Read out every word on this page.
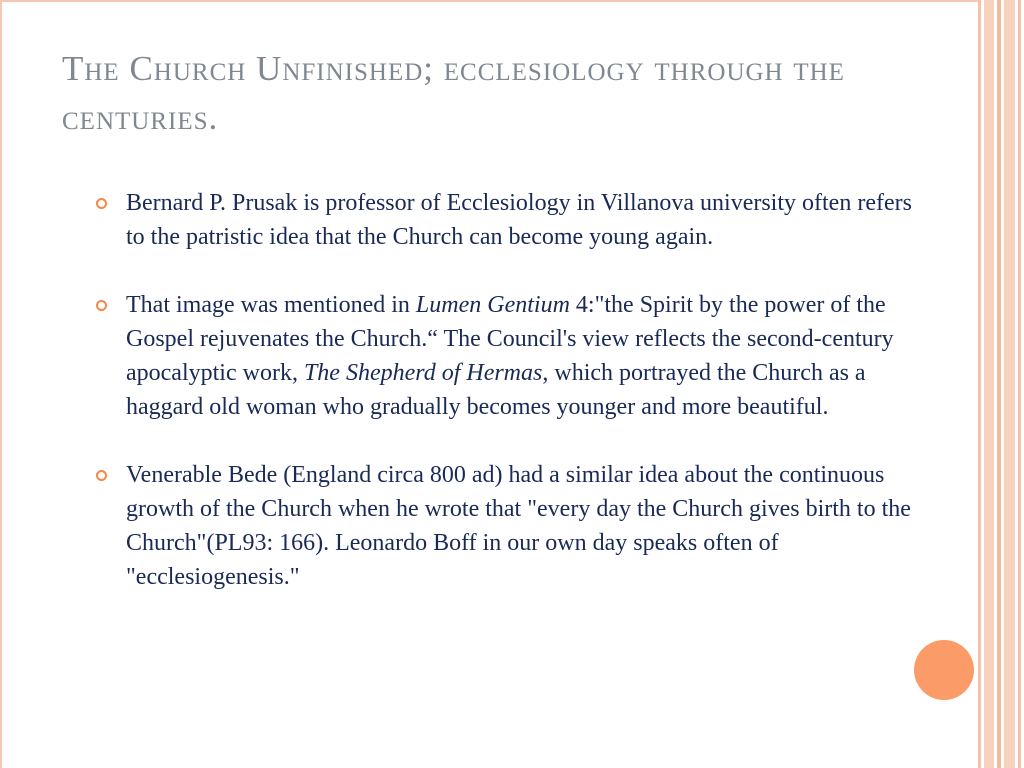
The Church Unfinished; ecclesiology through the centuries.
Bernard P. Prusak is professor of Ecclesiology in Villanova university often refers to the patristic idea that the Church can become young again.
That image was mentioned in Lumen Gentium 4:"the Spirit by the power of the Gospel rejuvenates the Church.“ The Council's view reflects the second-century apocalyptic work, The Shepherd of Hermas, which portrayed the Church as a haggard old woman who gradually becomes younger and more beautiful.
Venerable Bede (England circa 800 ad) had a similar idea about the continuous growth of the Church when he wrote that "every day the Church gives birth to the Church"(PL93: 166). Leonardo Boff in our own day speaks often of "ecclesiogenesis."
